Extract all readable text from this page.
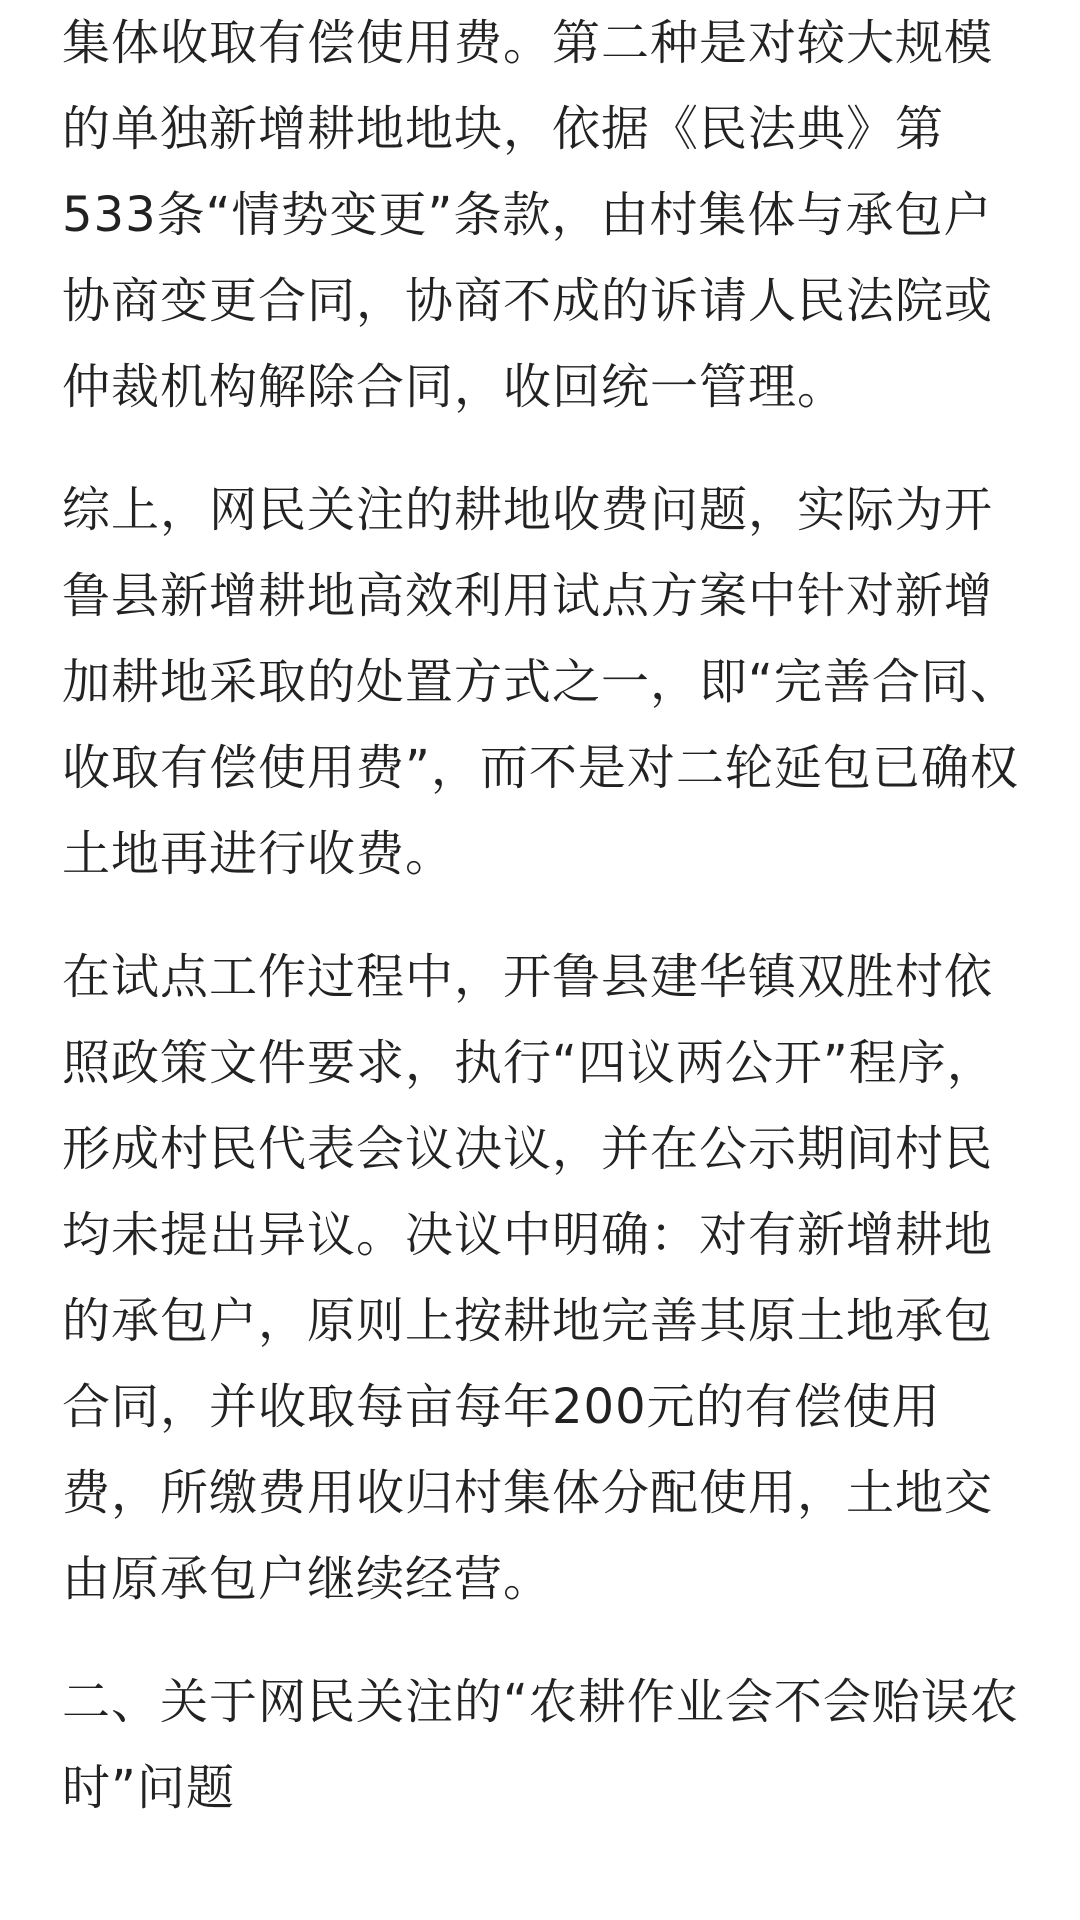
集体收取有偿使用费。第二种是对较大规模的单独新增耕地地块，依据《民法典》第533条“情势变更”条款，由村集体与承包户协商变更合同，协商不成的诉请人民法院或仲裁机构解除合同，收回统一管理。

综上，网民关注的耕地收费问题，实际为开鲁县新增耕地高效利用试点方案中针对新增加耕地采取的处置方式之一，即“完善合同、收取有偿使用费”，而不是对二轮延包已确权土地再进行收费。

在试点工作过程中，开鲁县建华镇双胜村依照政策文件要求，执行“四议两公开”程序，形成村民代表会议决议，并在公示期间村民均未提出异议。决议中明确：对有新增耕地的承包户，原则上按耕地完善其原土地承包合同，并收取每亩每年200元的有偿使用费，所缴费用收归村集体分配使用，土地交由原承包户继续经营。

二、关于网民关注的“农耕作业会不会贻误农时”问题
